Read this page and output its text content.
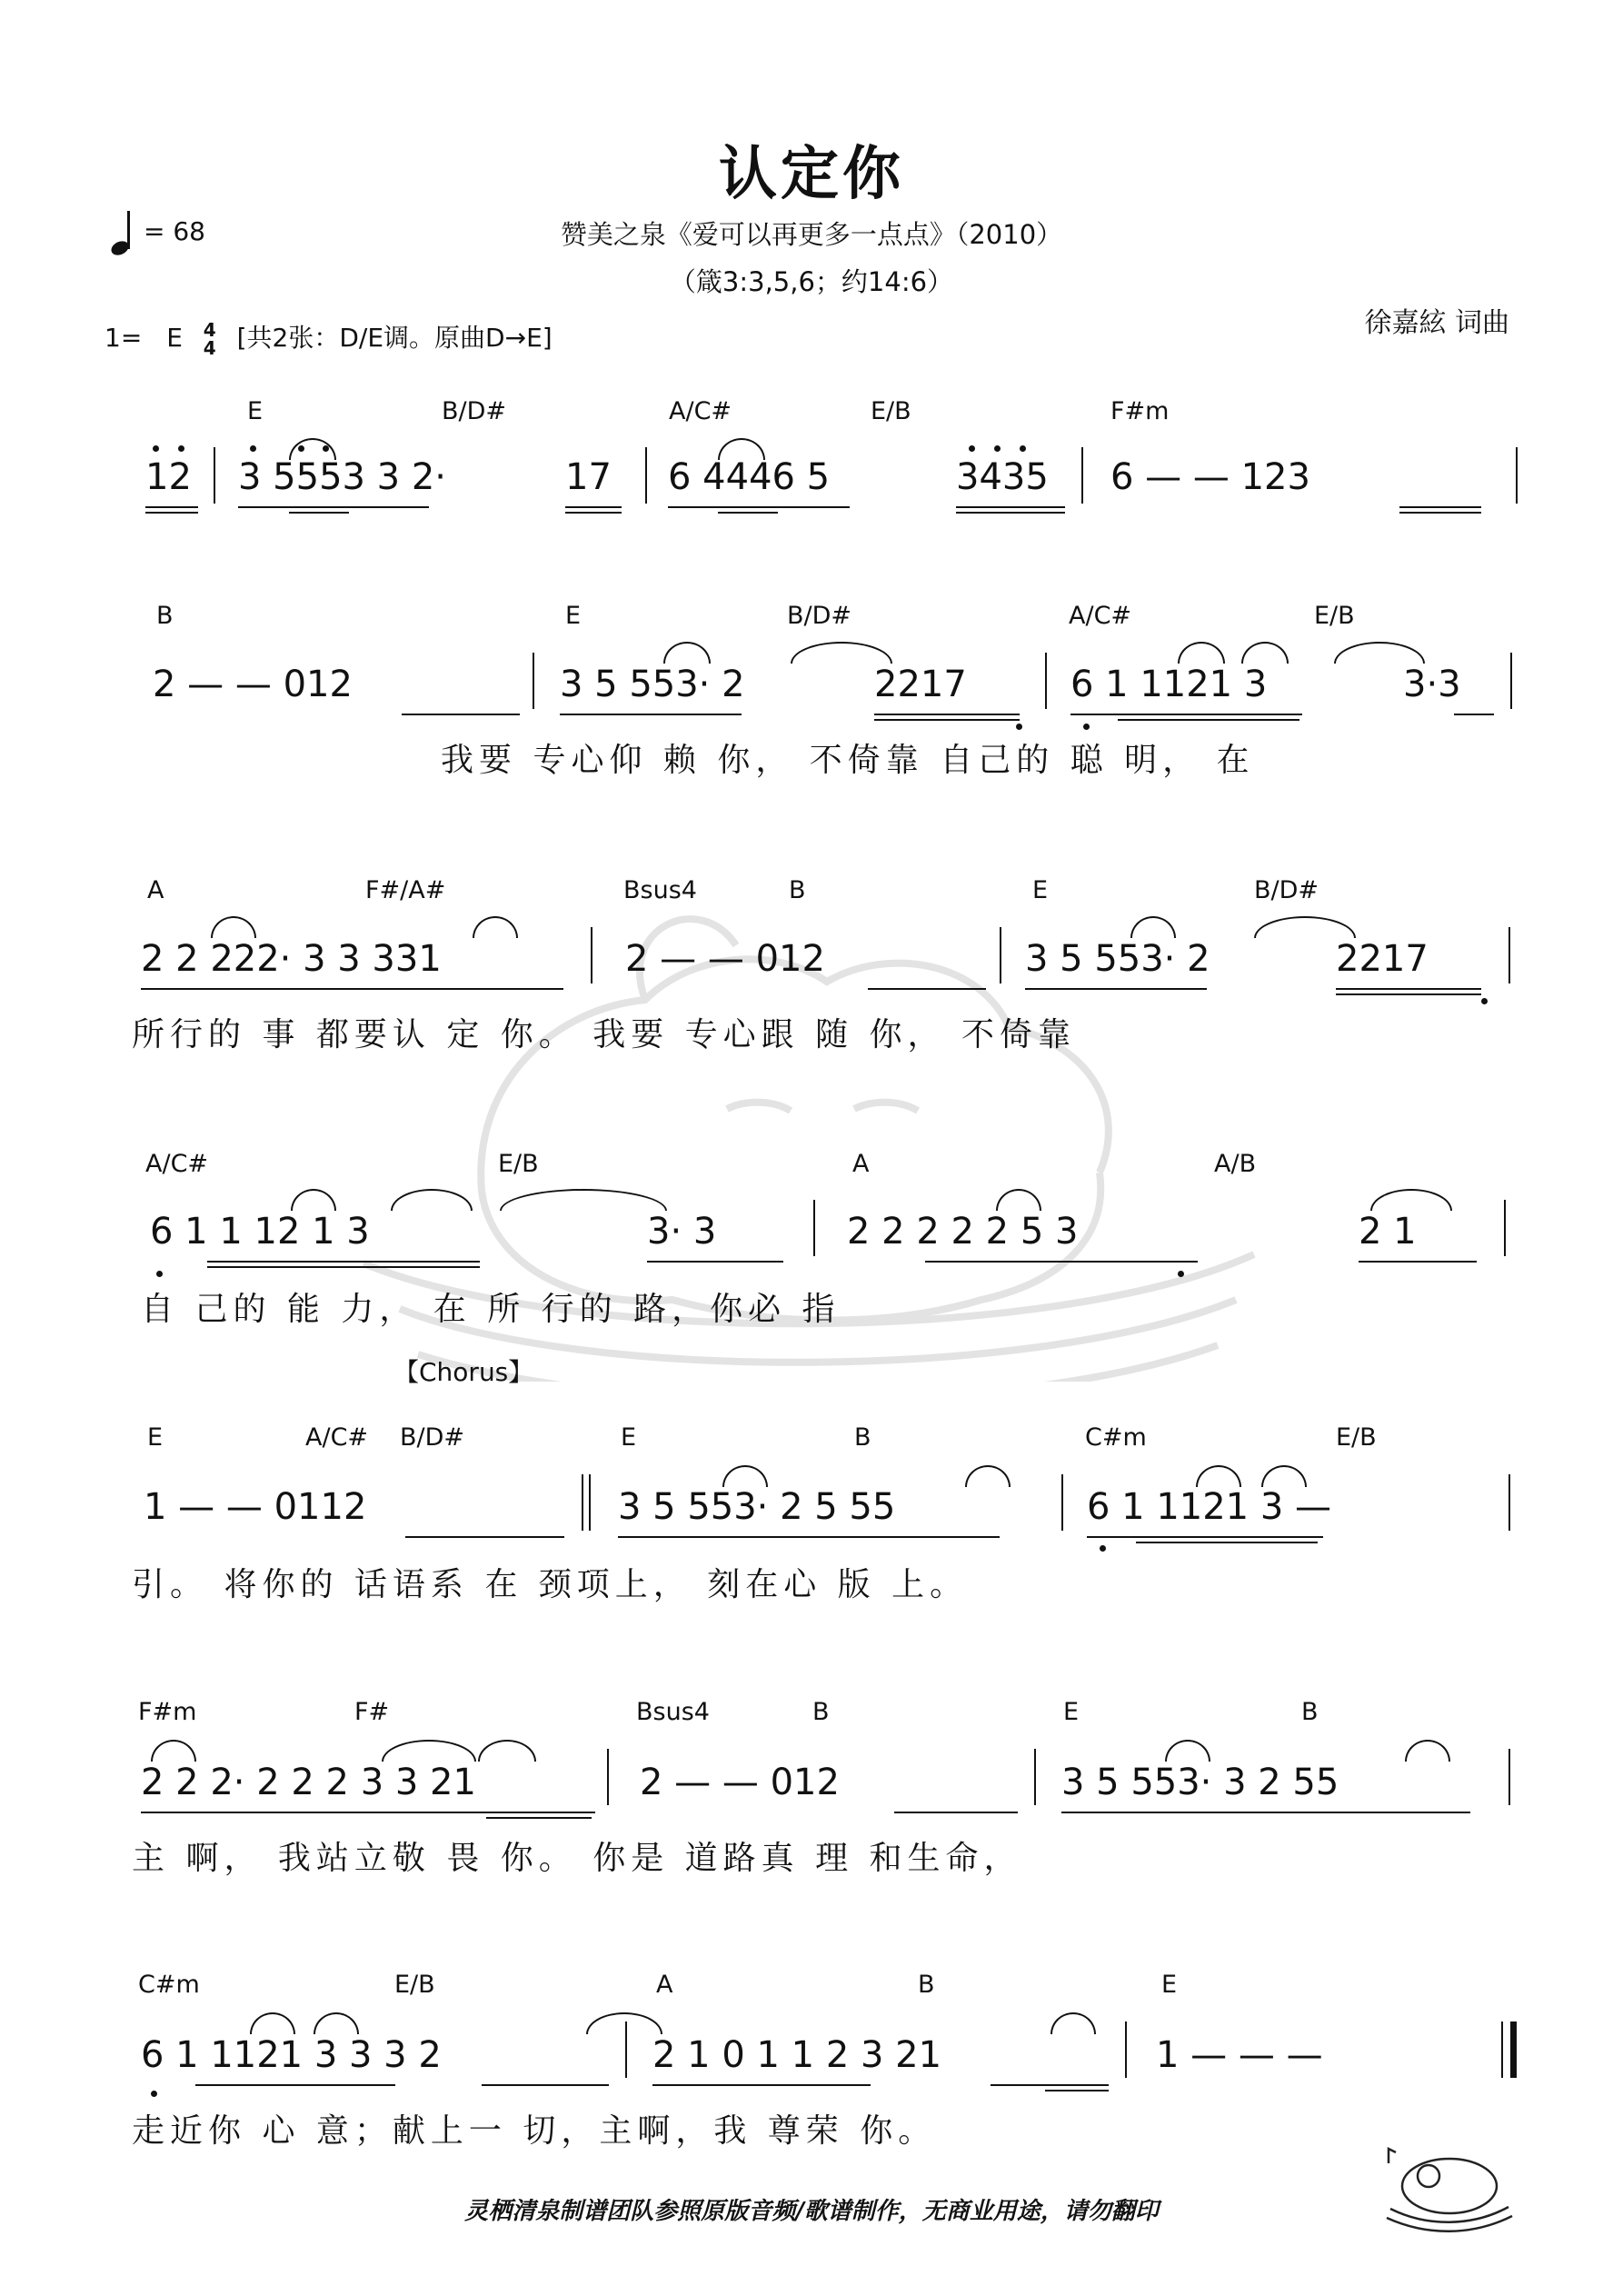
认定你
赞美之泉《爱可以再更多一点点》（2010）
（箴3:3,5,6；约14:6）
= 68
1= E 4
4 [共2张：D/E调。原曲D→E]	徐嘉絃 词曲
E	B/D#	A/C#	E/B	F#m
12 3 5553 3 2·	17 6 4446 5	3435 6 — — 123
B	E	B/D#	A/C#	E/B
2 — — 012	3 5 553· 2	2217	6 1 1121 3	3·3
我要 专心仰 赖 你， 不倚靠 自己的 聪 明， 在
A	F#/A#	Bsus4	B	E	B/D#
2 2 222· 3 3 331	2 — — 012	3 5 553· 2	2217
所行的 事 都要认 定 你。 我要 专心跟 随 你， 不倚靠
A/C#	E/B	A	A/B
6 1 1 12 1 3	3· 3	2 2 2 2 2 5 3	2 1
自 己的 能 力， 在 所 行的 路，你必 指
【Chorus】
E	A/C# B/D#	E	B	C#m	E/B
1 — — 0112	3 5 553· 2 5 55	6 1 1121 3 —
引。 将你的 话语系 在 颈项上， 刻在心 版 上。
F#m	F#	Bsus4	B	E	B
2 2 2· 2 2 2 3 3 21	2 — — 012	3 5 553· 3 2 55
主 啊， 我站立敬 畏 你。 你是 道路真 理 和生命，
C#m	E/B	A	B	E
6 1 1121 3 3 3 2	2 1 0 1 1 2 3 21	1 — — —
走近你 心 意；献上一 切，主啊，我 尊荣 你。
灵栖清泉制谱团队参照原版音频/歌谱制作，无商业用途，请勿翻印
